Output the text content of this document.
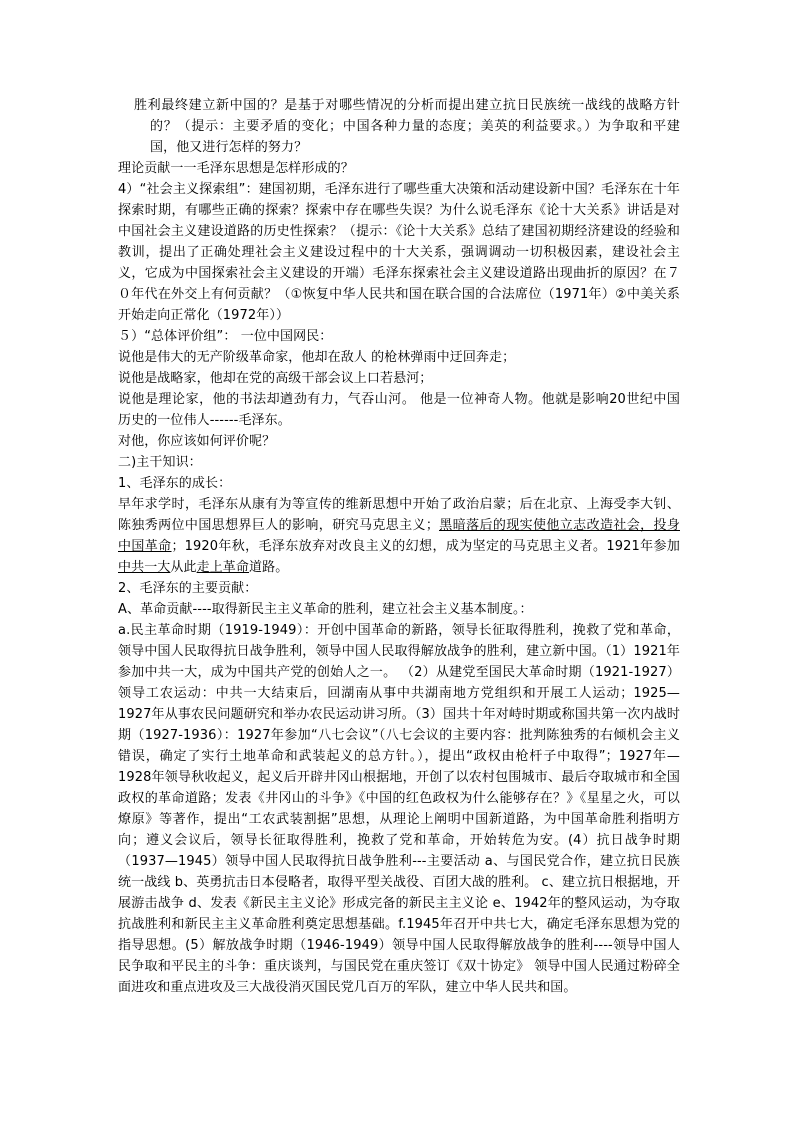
胜利最终建立新中国的？是基于对哪些情况的分析而提出建立抗日民族统一战线的战略方针的？（提示：主要矛盾的变化；中国各种力量的态度；美英的利益要求。）为争取和平建国，他又进行怎样的努力？

理论贡献一一毛泽东思想是怎样形成的？

4）“社会主义探索组”：建国初期，毛泽东进行了哪些重大决策和活动建设新中国？毛泽东在十年探索时期，有哪些正确的探索？探索中存在哪些失误？为什么说毛泽东《论十大关系》讲话是对中国社会主义建设道路的历史性探索？（提示：《论十大关系》总结了建国初期经济建设的经验和教训，提出了正确处理社会主义建设过程中的十大关系，强调调动一切积极因素，建设社会主义，它成为中国探索社会主义建设的开端）毛泽东探索社会主义建设道路出现曲折的原因？在７０年代在外交上有何贡献？（①恢复中华人民共和国在联合国的合法席位（1971年）②中美关系开始走向正常化（1972年））

５）“总体评价组”： 一位中国网民：

说他是伟大的无产阶级革命家，他却在敌人 的枪林弹雨中迂回奔走；

说他是战略家，他却在党的高级干部会议上口若悬河；

说他是理论家，他的书法却遒劲有力，气吞山河。 他是一位神奇人物。他就是影响20世纪中国 历史的一位伟人------毛泽东。

对他，你应该如何评价呢？

二)主干知识：

1、毛泽东的成长：

早年求学时，毛泽东从康有为等宣传的维新思想中开始了政治启蒙；后在北京、上海受李大钊、陈独秀两位中国思想界巨人的影响，研究马克思主义；黑暗落后的现实使他立志改造社会，投身中国革命；1920年秋，毛泽东放弃对改良主义的幻想，成为坚定的马克思主义者。1921年参加中共一大从此走上革命道路。

2、毛泽东的主要贡献：

A、革命贡献----取得新民主主义革命的胜利，建立社会主义基本制度。：

a.民主革命时期（1919-1949）：开创中国革命的新路，领导长征取得胜利，挽救了党和革命，领导中国人民取得抗日战争胜利，领导中国人民取得解放战争的胜利，建立新中国。（1）1921年参加中共一大，成为中国共产党的创始人之一。 （2）从建党至国民大革命时期（1921-1927）领导工农运动：中共一大结束后，回湖南从事中共湖南地方党组织和开展工人运动；1925—1927年从事农民问题研究和举办农民运动讲习所。（3）国共十年对峙时期或称国共第一次内战时期（1927-1936）：1927年参加“八七会议”（八七会议的主要内容：批判陈独秀的右倾机会主义错误，确定了实行土地革命和武装起义的总方针。），提出“政权由枪杆子中取得”；1927年—1928年领导秋收起义，起义后开辟井冈山根据地，开创了以农村包围城市、最后夺取城市和全国政权的革命道路；发表《井冈山的斗争》《中国的红色政权为什么能够存在？》《星星之火，可以燎原》等著作，提出“工农武装割据”思想，从理论上阐明中国新道路，为中国革命胜利指明方向；遵义会议后，领导长征取得胜利，挽救了党和革命，开始转危为安。(4）抗日战争时期（1937—1945）领导中国人民取得抗日战争胜利---主要活动 a、与国民党合作，建立抗日民族统一战线 b、英勇抗击日本侵略者，取得平型关战役、百团大战的胜利。 c、建立抗日根据地，开展游击战争 d、发表《新民主主义论》形成完备的新民主主义论 e、1942年的整风运动，为夺取抗战胜利和新民主主义革命胜利奠定思想基础。f.1945年召开中共七大，确定毛泽东思想为党的指导思想。(5）解放战争时期（1946-1949）领导中国人民取得解放战争的胜利----领导中国人民争取和平民主的斗争：重庆谈判，与国民党在重庆签订《双十协定》 领导中国人民通过粉碎全面进攻和重点进攻及三大战役消灭国民党几百万的军队，建立中华人民共和国。
